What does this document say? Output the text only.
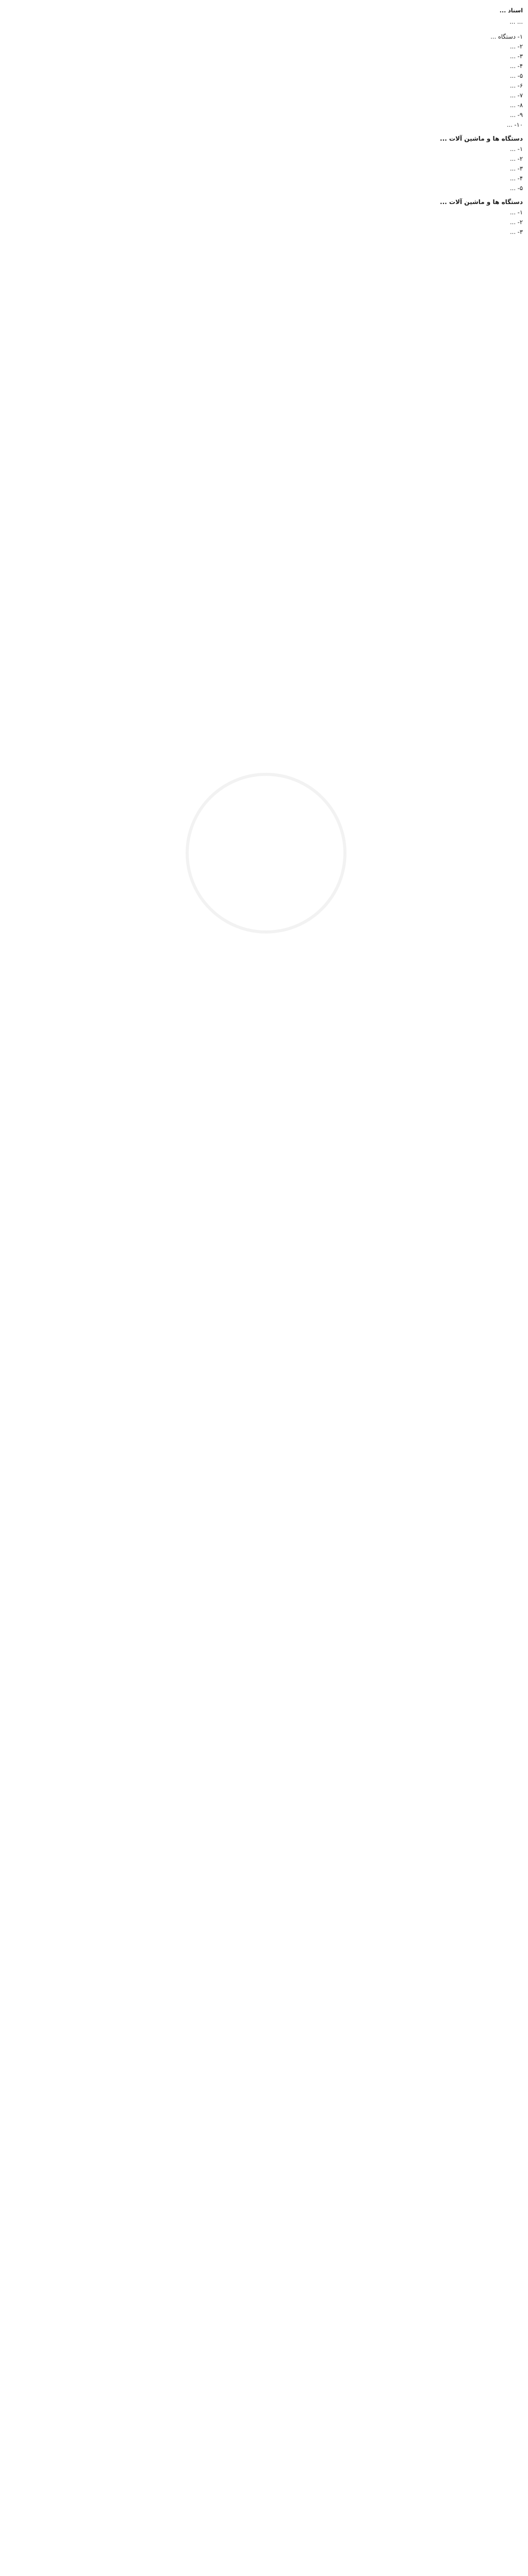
اسناد ...

... ...

۱- دستگاه ...

۲- ...

۳- ...

۴- ...

۵- ...

۶- ...

۷- ...

۸- ...

۹- ...

۱۰- ...

دستگاه ها و ماشین آلات ...

۱- ...

۲- ...

۳- ...

۴- ...

۵- ...

دستگاه ها و ماشین آلات ...

۱- ...

۲- ...

۳- ...
